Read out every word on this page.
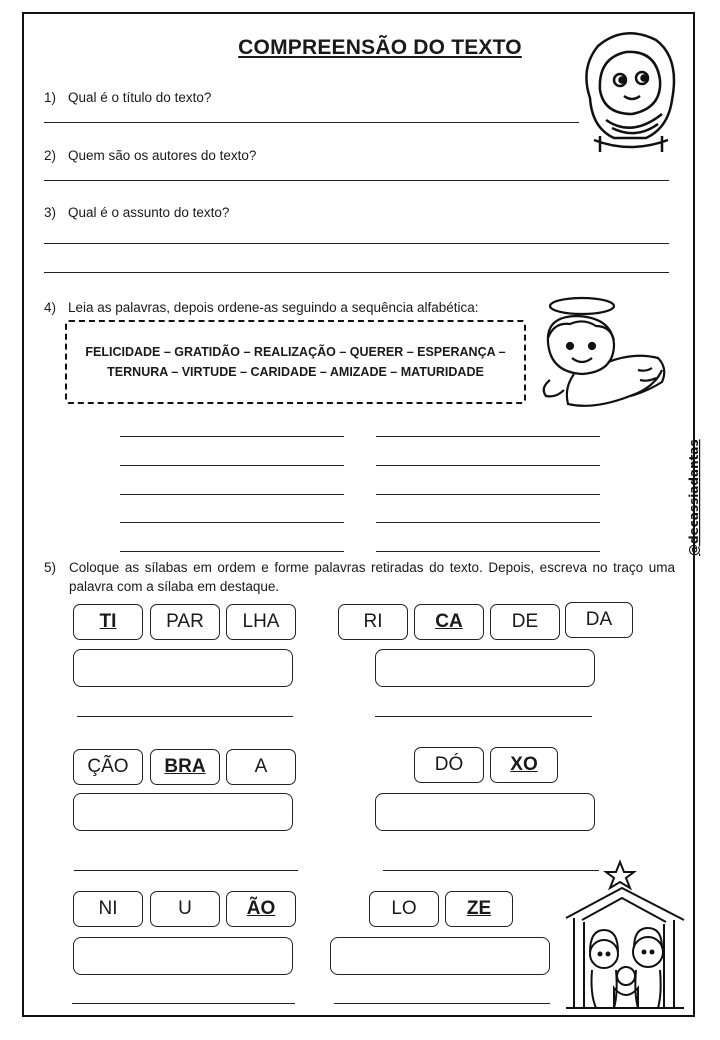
COMPREENSÃO DO TEXTO
1) Qual é o título do texto?
2) Quem são os autores do texto?
3) Qual é o assunto do texto?
4) Leia as palavras, depois ordene-as seguindo a sequência alfabética:
FELICIDADE – GRATIDÃO – REALIZAÇÃO – QUERER – ESPERANÇA –
TERNURA – VIRTUDE – CARIDADE – AMIZADE – MATURIDADE
@decassiadantas
5) Coloque as sílabas em ordem e forme palavras retiradas do texto. Depois, escreva no traço uma palavra com a sílaba em destaque.
TI	PAR	LHA	RI	CA	DE	DA
ÇÃO	BRA	A	DÓ	XO
NI	U	ÃO	LO	ZE
